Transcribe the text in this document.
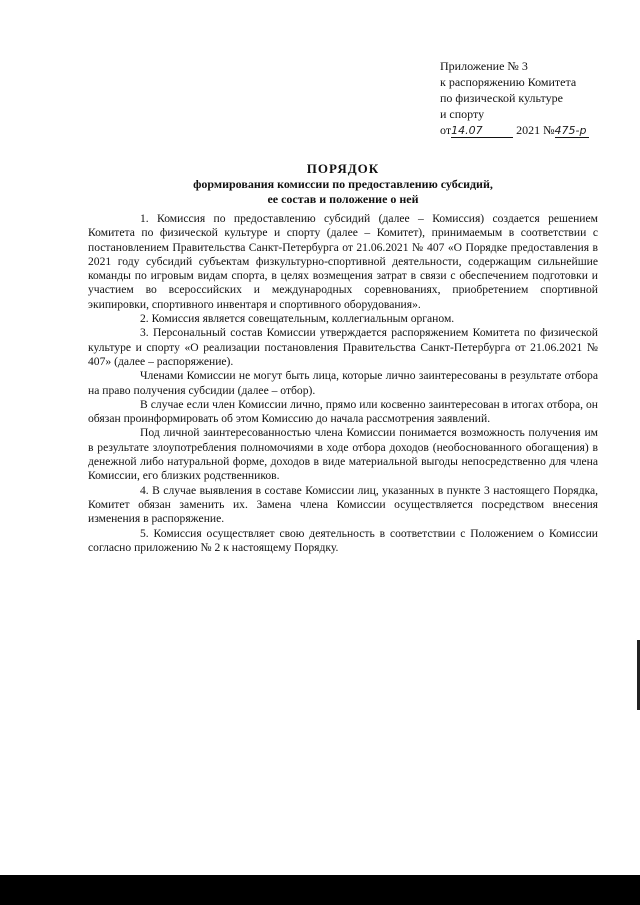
Приложение № 3
к распоряжению Комитета
по физической культуре
и спорту
от14.07	2021 №475-р
ПОРЯДОК
формирования комиссии по предоставлению субсидий,
ее состав и положение о ней

1. Комиссия по предоставлению субсидий (далее – Комиссия) создается решением Комитета по физической культуре и спорту (далее – Комитет), принимаемым в соответствии с постановлением Правительства Санкт-Петербурга от 21.06.2021 № 407 «О Порядке предоставления в 2021 году субсидий субъектам физкультурно-спортивной деятельности, содержащим сильнейшие команды по игровым видам спорта, в целях возмещения затрат в связи с обеспечением подготовки и участием во всероссийских и международных соревнованиях, приобретением спортивной экипировки, спортивного инвентаря и спортивного оборудования».

2. Комиссия является совещательным, коллегиальным органом.

3. Персональный состав Комиссии утверждается распоряжением Комитета по физической культуре и спорту «О реализации постановления Правительства Санкт-Петербурга от 21.06.2021 № 407» (далее – распоряжение).

Членами Комиссии не могут быть лица, которые лично заинтересованы в результате отбора на право получения субсидии (далее – отбор).

В случае если член Комиссии лично, прямо или косвенно заинтересован в итогах отбора, он обязан проинформировать об этом Комиссию до начала рассмотрения заявлений.

Под личной заинтересованностью члена Комиссии понимается возможность получения им в результате злоупотребления полномочиями в ходе отбора доходов (необоснованного обогащения) в денежной либо натуральной форме, доходов в виде материальной выгоды непосредственно для члена Комиссии, его близких родственников.

4. В случае выявления в составе Комиссии лиц, указанных в пункте 3 настоящего Порядка, Комитет обязан заменить их. Замена члена Комиссии осуществляется посредством внесения изменения в распоряжение.

5. Комиссия осуществляет свою деятельность в соответствии с Положением о Комиссии согласно приложению № 2 к настоящему Порядку.
